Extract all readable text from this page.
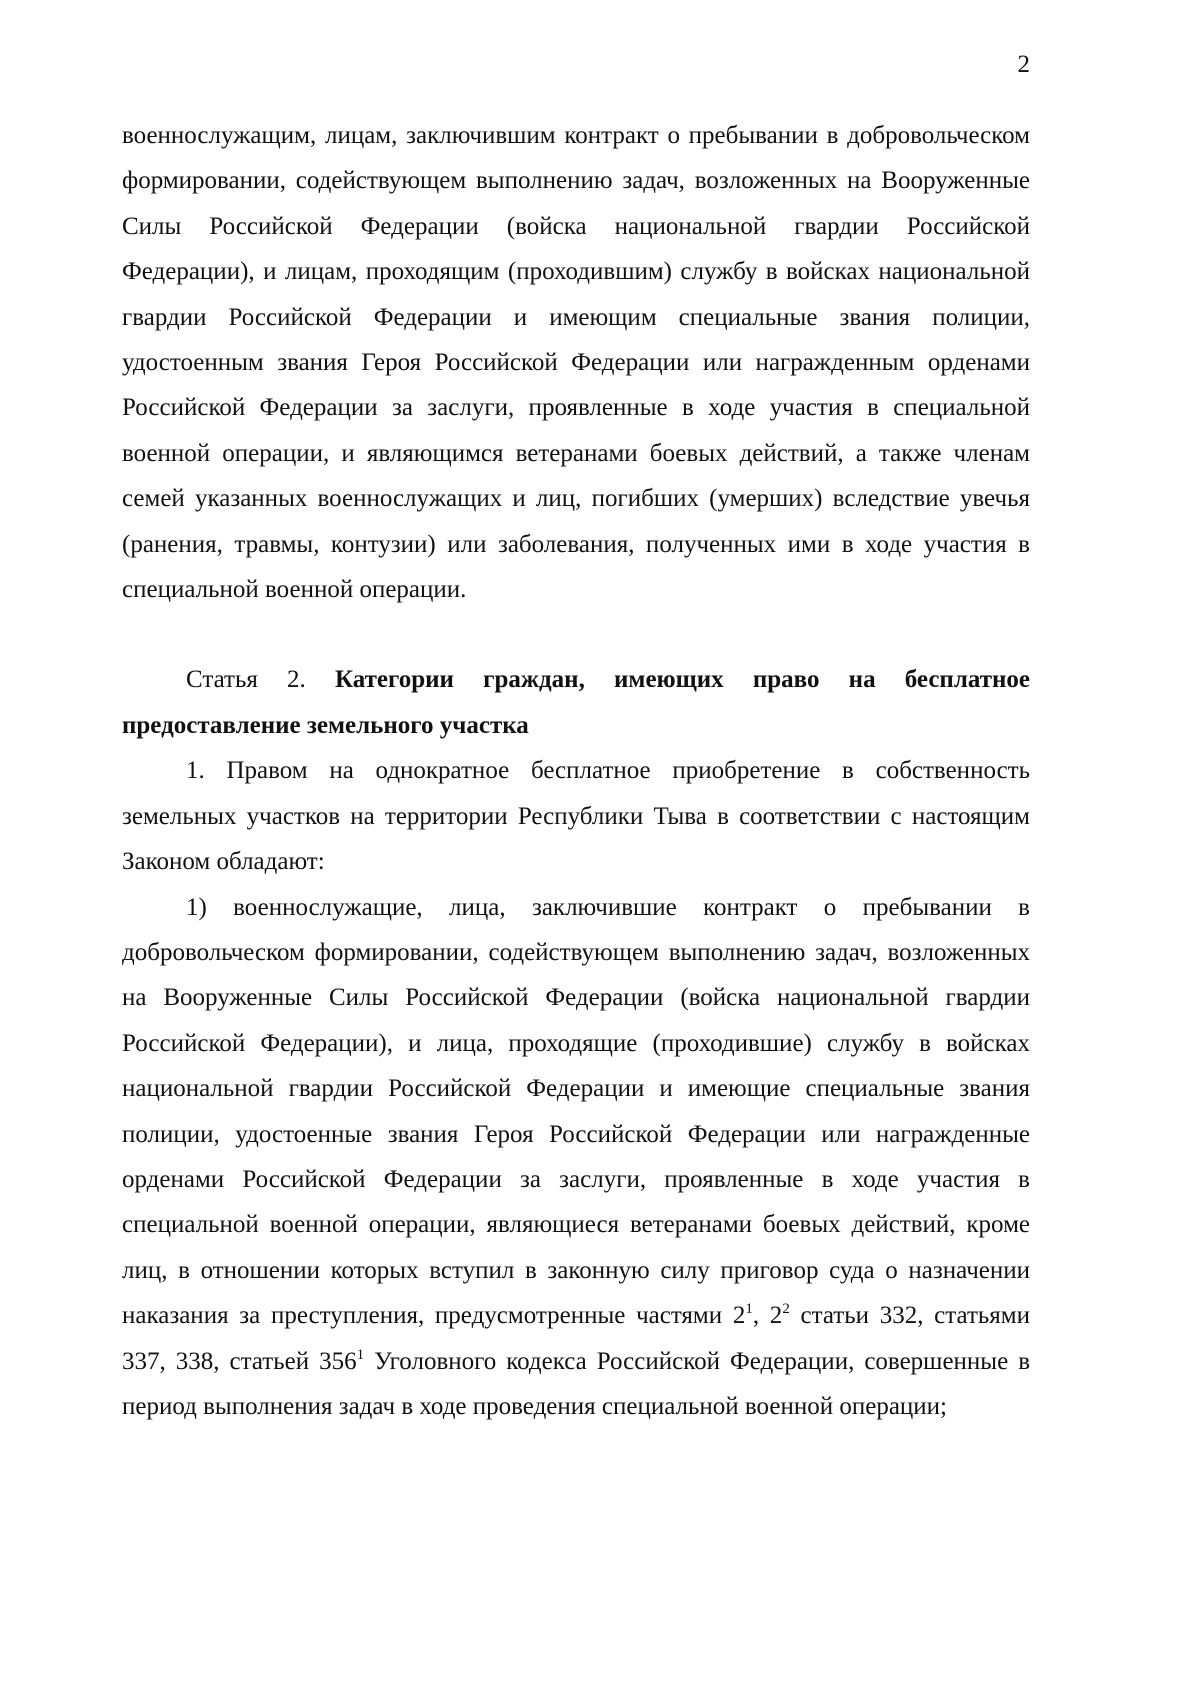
2

военнослужащим, лицам, заключившим контракт о пребывании в добровольческом формировании, содействующем выполнению задач, возложенных на Вооруженные Силы Российской Федерации (войска национальной гвардии Российской Федерации), и лицам, проходящим (проходившим) службу в войсках национальной гвардии Российской Федерации и имеющим специальные звания полиции, удостоенным звания Героя Российской Федерации или награжденным орденами Российской Федерации за заслуги, проявленные в ходе участия в специальной военной операции, и являющимся ветеранами боевых действий, а также членам семей указанных военнослужащих и лиц, погибших (умерших) вследствие увечья (ранения, травмы, контузии) или заболевания, полученных ими в ходе участия в специальной военной операции.

Статья 2. Категории граждан, имеющих право на бесплатное предоставление земельного участка

1. Правом на однократное бесплатное приобретение в собственность земельных участков на территории Республики Тыва в соответствии с настоящим Законом обладают:

1) военнослужащие, лица, заключившие контракт о пребывании в добровольческом формировании, содействующем выполнению задач, возложенных на Вооруженные Силы Российской Федерации (войска национальной гвардии Российской Федерации), и лица, проходящие (проходившие) службу в войсках национальной гвардии Российской Федерации и имеющие специальные звания полиции, удостоенные звания Героя Российской Федерации или награжденные орденами Российской Федерации за заслуги, проявленные в ходе участия в специальной военной операции, являющиеся ветеранами боевых действий, кроме лиц, в отношении которых вступил в законную силу приговор суда о назначении наказания за преступления, предусмотренные частями $2^1$, $2^2$ статьи 332, статьями 337, 338, статьей $356^1$ Уголовного кодекса Российской Федерации, совершенные в период выполнения задач в ходе проведения специальной военной операции;
